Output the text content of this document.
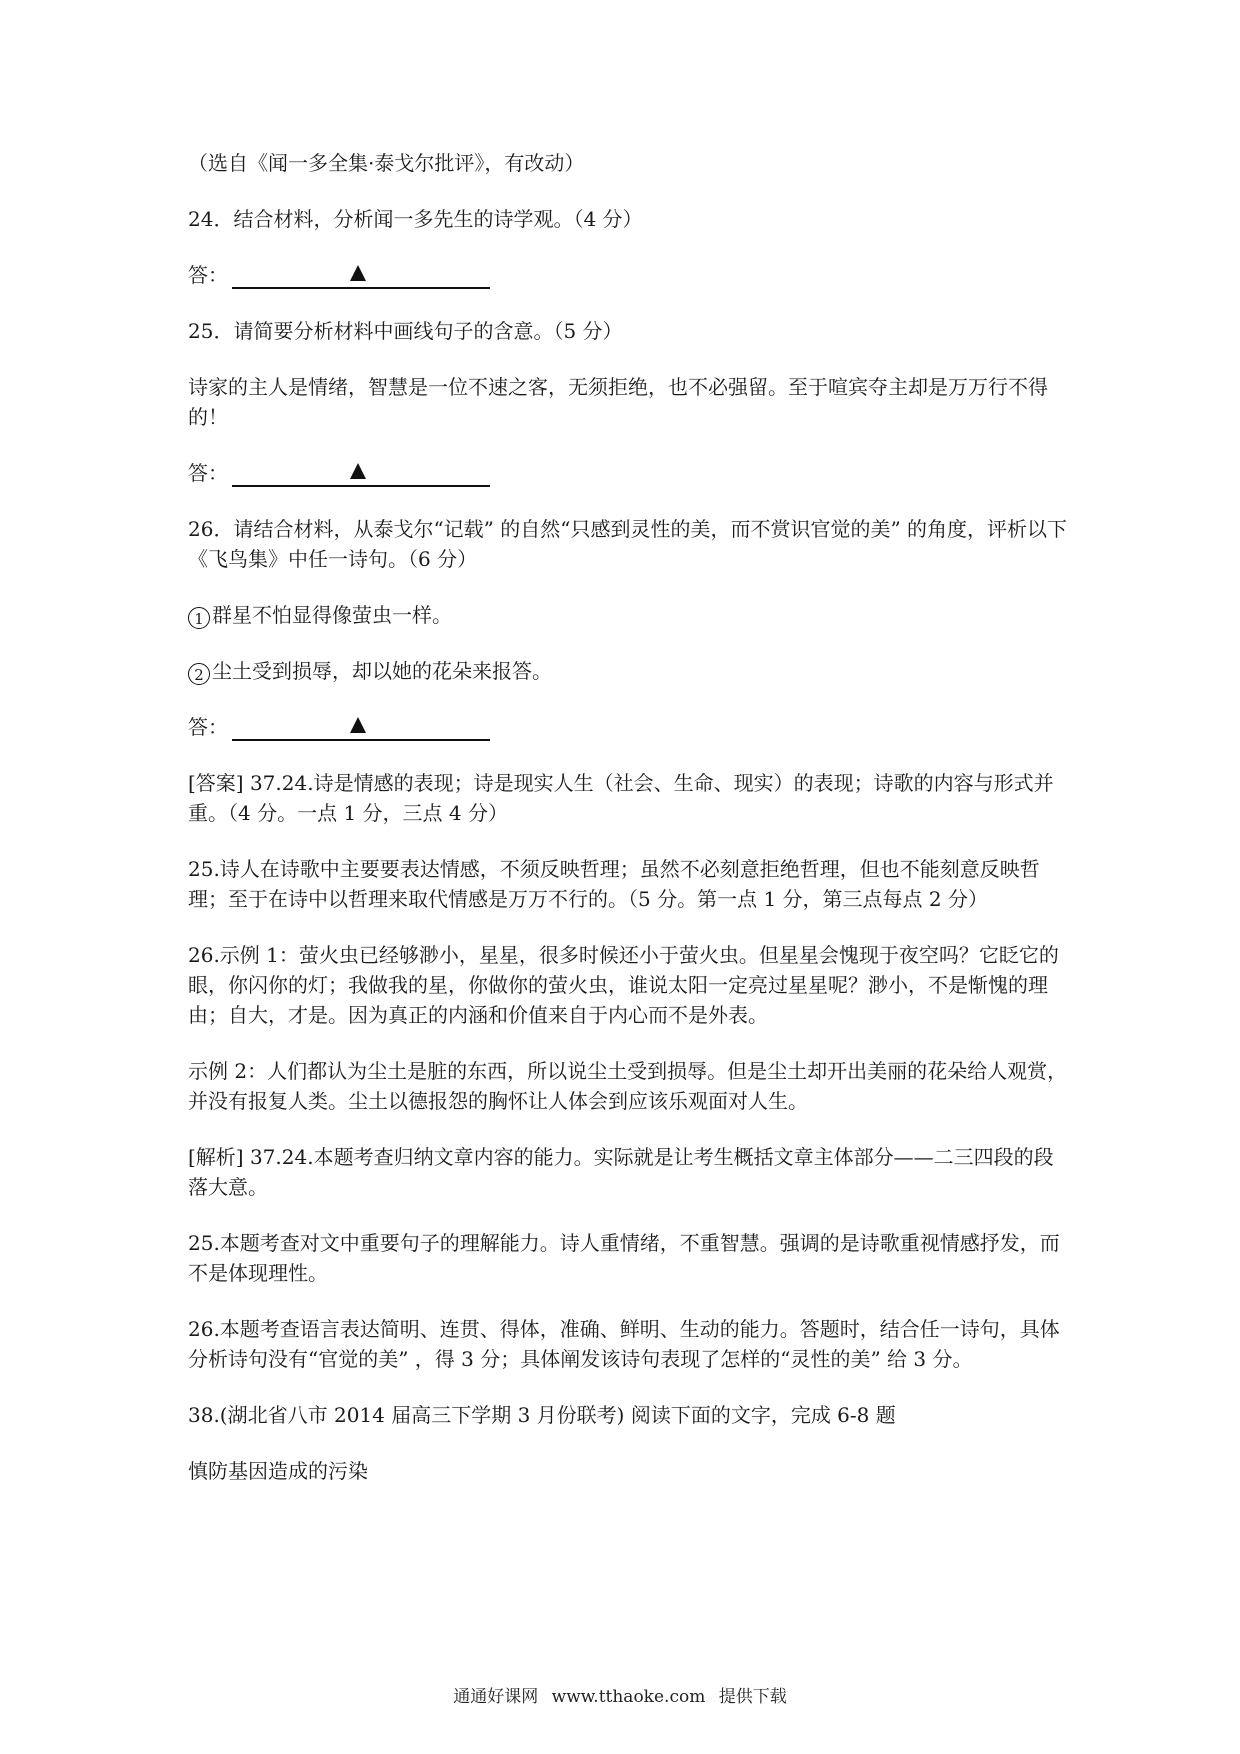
（选自《闻一多全集·泰戈尔批评》，有改动）

24．结合材料，分析闻一多先生的诗学观。（4 分）

答：

25．请简要分析材料中画线句子的含意。（5 分）

诗家的主人是情绪，智慧是一位不速之客，无须拒绝，也不必强留。至于喧宾夺主却是万万行不得的！

答：

26．请结合材料，从泰戈尔“记载” 的自然“只感到灵性的美，而不赏识官觉的美” 的角度，评析以下《飞鸟集》中任一诗句。（6 分）

1 群星不怕显得像萤虫一样。

2 尘土受到损辱，却以她的花朵来报答。

答：

[答案] 37.24.诗是情感的表现；诗是现实人生（社会、生命、现实）的表现；诗歌的内容与形式并重。（4 分。一点 1 分，三点 4 分）

25.诗人在诗歌中主要要表达情感，不须反映哲理；虽然不必刻意拒绝哲理，但也不能刻意反映哲理；至于在诗中以哲理来取代情感是万万不行的。（5 分。第一点 1 分，第三点每点 2 分）

26.示例 1：萤火虫已经够渺小，星星，很多时候还小于萤火虫。但星星会愧现于夜空吗？它眨它的眼，你闪你的灯；我做我的星，你做你的萤火虫，谁说太阳一定亮过星星呢？渺小，不是惭愧的理由；自大，才是。因为真正的内涵和价值来自于内心而不是外表。

示例 2：人们都认为尘土是脏的东西，所以说尘土受到损辱。但是尘土却开出美丽的花朵给人观赏，并没有报复人类。尘土以德报怨的胸怀让人体会到应该乐观面对人生。

[解析] 37.24.本题考查归纳文章内容的能力。实际就是让考生概括文章主体部分——二三四段的段落大意。

25.本题考查对文中重要句子的理解能力。诗人重情绪，不重智慧。强调的是诗歌重视情感抒发，而不是体现理性。

26.本题考查语言表达简明、连贯、得体，准确、鲜明、生动的能力。答题时，结合任一诗句，具体分析诗句没有“官觉的美” ，得 3 分；具体阐发该诗句表现了怎样的“灵性的美” 给 3 分。

38.(湖北省八市 2014 届高三下学期 3 月份联考) 阅读下面的文字，完成 6-8 题

慎防基因造成的污染

通通好课网 www.tthaoke.com 提供下载
